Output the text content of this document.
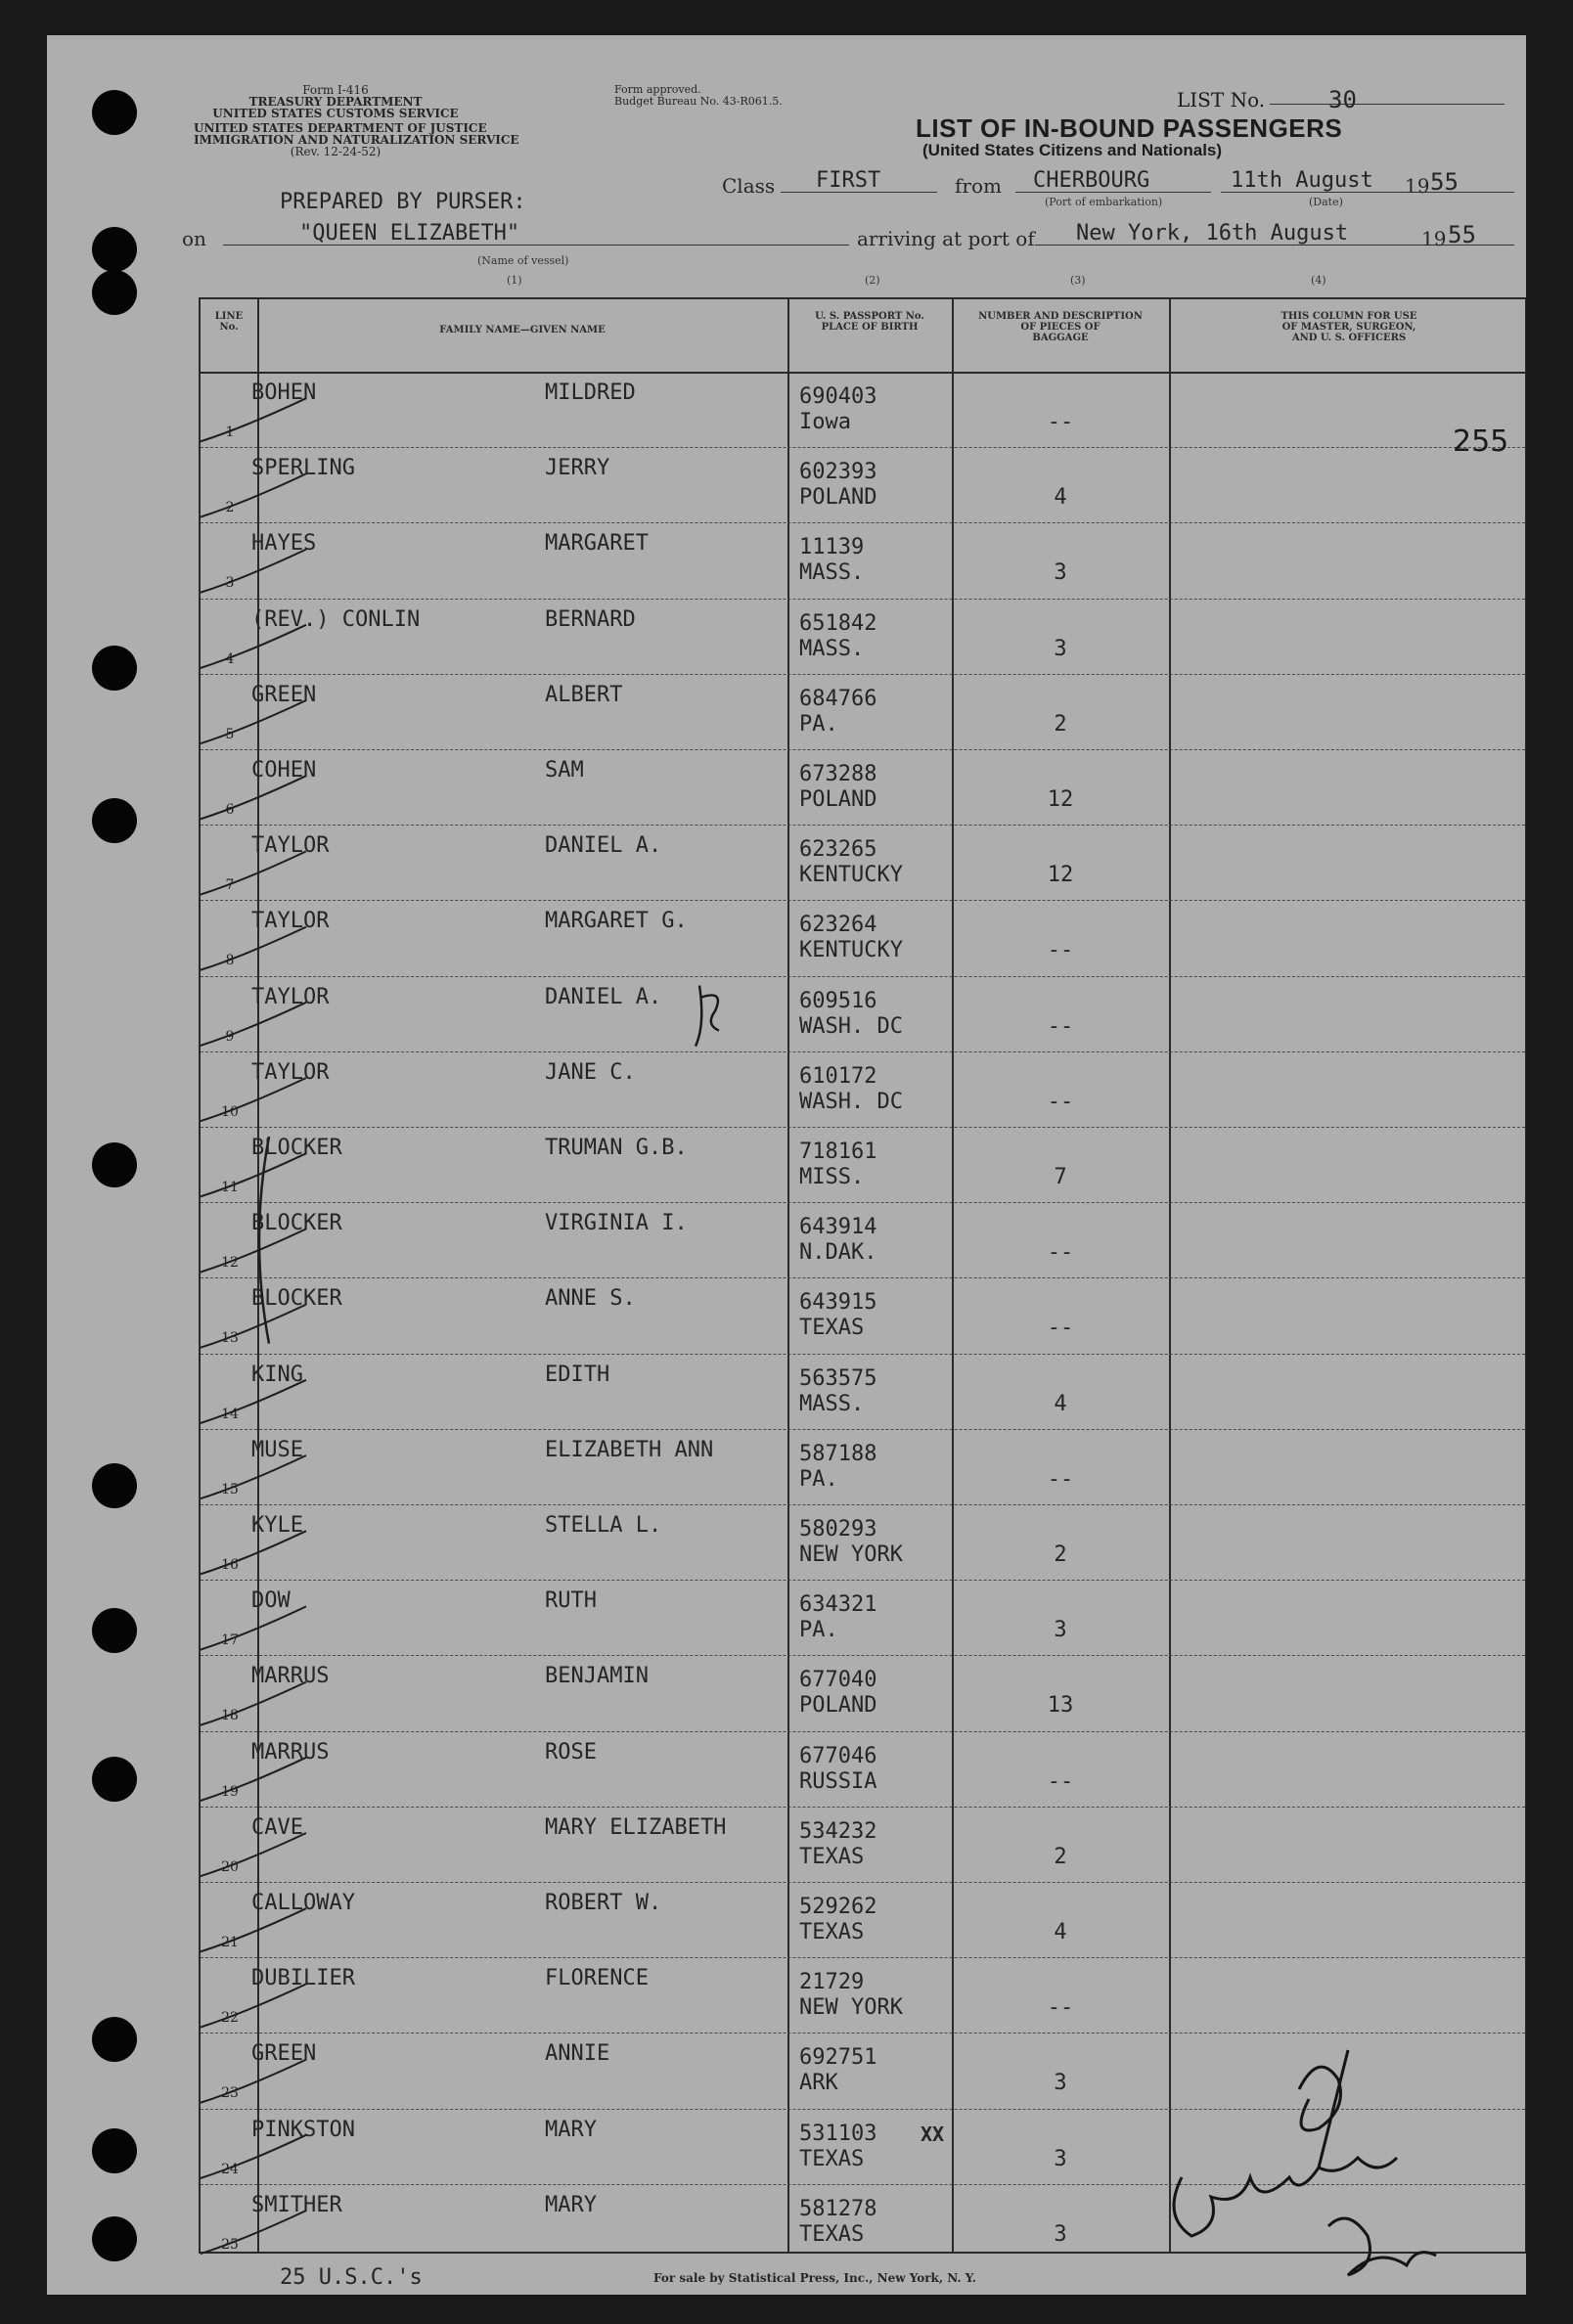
Form I-416
TREASURY DEPARTMENT
UNITED STATES CUSTOMS SERVICE
UNITED STATES DEPARTMENT OF JUSTICE
IMMIGRATION AND NATURALIZATION SERVICE
(Rev. 12-24-52)
Form approved.
Budget Bureau No. 43-R061.5.	LIST No.	30
LIST OF IN-BOUND PASSENGERS
(United States Citizens and Nationals)
PREPARED BY PURSER:
Class FIRST	from CHERBOURG
(Port of embarkation)
11th August 19 55
(Date)
on	"QUEEN ELIZABETH"
(Name of vessel)
arriving at port of New York, 16th August	19 55
(1)	(2)	(3)	(4)
LINE
No.	FAMILY NAME—GIVEN NAME
U. S. PASSPORT No.
PLACE OF BIRTH
NUMBER AND DESCRIPTION
OF PIECES OF
BAGGAGE
THIS COLUMN FOR USE
OF MASTER, SURGEON,
AND U. S. OFFICERS
1
BOHEN	MILDRED	690403
Iowa	--
2
SPERLING	JERRY	602393
POLAND	4
3
HAYES	MARGARET	11139
MASS.	3
4
(REV.) CONLIN	BERNARD	651842
MASS.	3
5
GREEN	ALBERT	684766
PA.	2
6
COHEN	SAM	673288
POLAND	12
7
TAYLOR	DANIEL A.	623265
KENTUCKY	12
8
TAYLOR	MARGARET G.	623264
KENTUCKY	--
9
TAYLOR	DANIEL A.	609516
WASH. DC	--
10
TAYLOR	JANE C.	610172
WASH. DC	--
11
BLOCKER	TRUMAN G.B.	718161
MISS.	7
12
BLOCKER	VIRGINIA I.	643914
N.DAK.	--
13
BLOCKER	ANNE S.	643915
TEXAS	--
14
KING	EDITH	563575
MASS.	4
15
MUSE	ELIZABETH ANN	587188
PA.	--
16
KYLE	STELLA L.	580293
NEW YORK	2
17
DOW	RUTH	634321
PA.	3
18
MARRUS	BENJAMIN	677040
POLAND	13
19
MARRUS	ROSE	677046
RUSSIA	--
20
CAVE	MARY ELIZABETH	534232
TEXAS	2
21
CALLOWAY	ROBERT W.	529262
TEXAS	4
22
DUBILIER	FLORENCE	21729
NEW YORK	--
23
GREEN	ANNIE	692751
ARK	3
24
PINKSTON	MARY	531103
TEXAS	3
25
SMITHER	MARY	581278
TEXAS	3
255
XX
25 U.S.C.'s	For sale by Statistical Press, Inc., New York, N. Y.
